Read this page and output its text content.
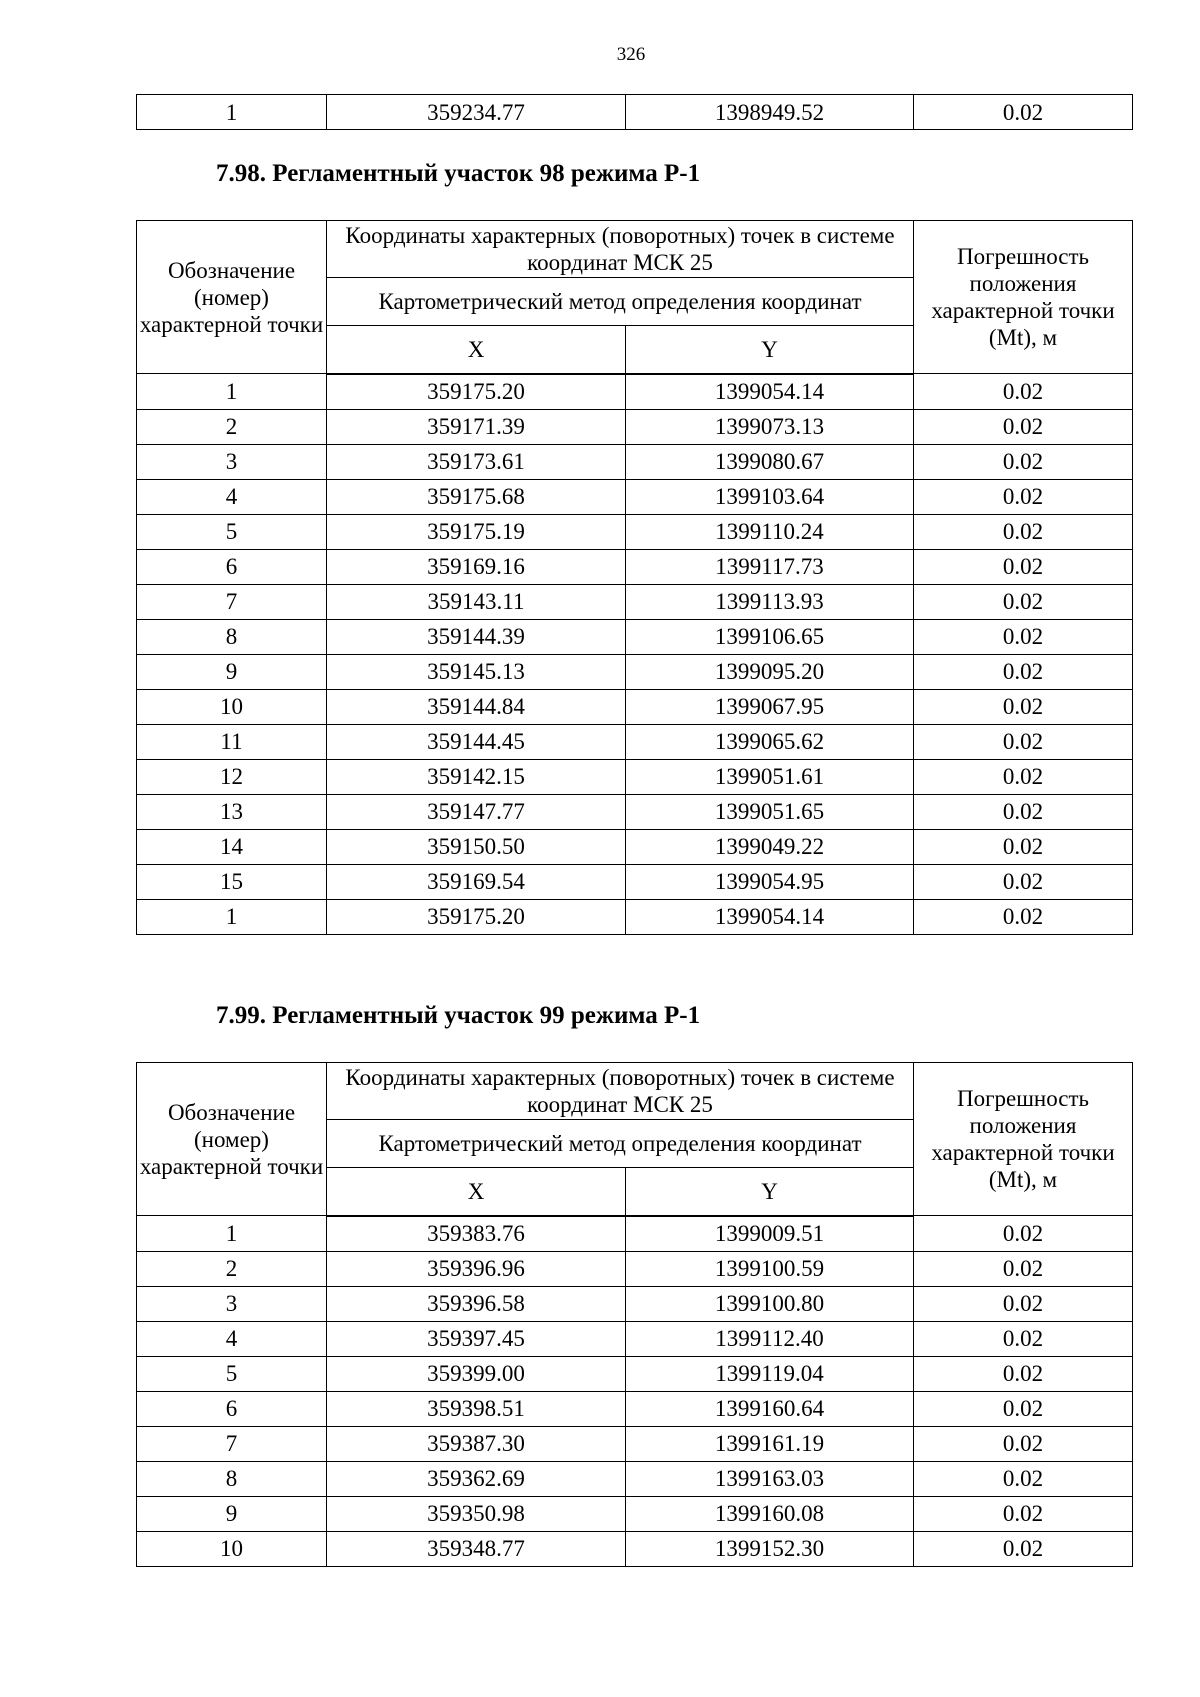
326
1	359234.77	1398949.52	0.02
7.98. Регламентный участок 98 режима Р-1
Обозначение (номер) характерной точки	Координаты характерных (поворотных) точек в системе координат МСК 25		Погрешность положения характерной точки (Mt), м
	Картометрический метод определения координат		
	X	Y	
1	359175.20	1399054.14	0.02
2	359171.39	1399073.13	0.02
3	359173.61	1399080.67	0.02
4	359175.68	1399103.64	0.02
5	359175.19	1399110.24	0.02
6	359169.16	1399117.73	0.02
7	359143.11	1399113.93	0.02
8	359144.39	1399106.65	0.02
9	359145.13	1399095.20	0.02
10	359144.84	1399067.95	0.02
11	359144.45	1399065.62	0.02
12	359142.15	1399051.61	0.02
13	359147.77	1399051.65	0.02
14	359150.50	1399049.22	0.02
15	359169.54	1399054.95	0.02
1	359175.20	1399054.14	0.02
7.99. Регламентный участок 99 режима Р-1
Обозначение (номер) характерной точки	Координаты характерных (поворотных) точек в системе координат МСК 25		Погрешность положения характерной точки (Mt), м
	Картометрический метод определения координат		
	X	Y	
1	359383.76	1399009.51	0.02
2	359396.96	1399100.59	0.02
3	359396.58	1399100.80	0.02
4	359397.45	1399112.40	0.02
5	359399.00	1399119.04	0.02
6	359398.51	1399160.64	0.02
7	359387.30	1399161.19	0.02
8	359362.69	1399163.03	0.02
9	359350.98	1399160.08	0.02
10	359348.77	1399152.30	0.02
